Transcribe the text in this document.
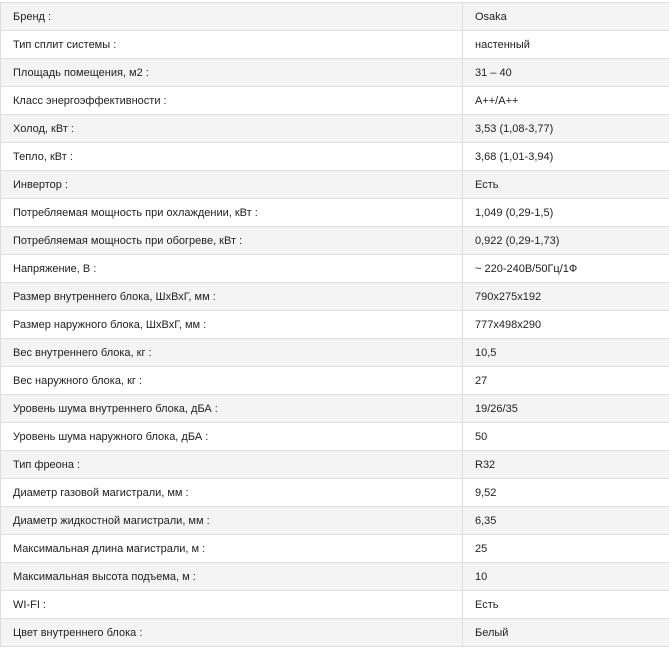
Бренд :	Osaka
Тип сплит системы :	настенный
Площадь помещения, м2 :	31 – 40
Класс энергоэффективности :	A++/A++
Холод, кВт :	3,53 (1,08-3,77)
Тепло, кВт :	3,68 (1,01-3,94)
Инвертор :	Есть
Потребляемая мощность при охлаждении, кВт :	1,049 (0,29-1,5)
Потребляемая мощность при обогреве, кВт :	0,922 (0,29-1,73)
Напряжение, В :	~ 220-240В/50Гц/1Ф
Размер внутреннего блока, ШхВхГ, мм :	790x275x192
Размер наружного блока, ШхВхГ, мм :	777x498x290
Вес внутреннего блока, кг :	10,5
Вес наружного блока, кг :	27
Уровень шума внутреннего блока, дБА :	19/26/35
Уровень шума наружного блока, дБА :	50
Тип фреона :	R32
Диаметр газовой магистрали, мм :	9,52
Диаметр жидкостной магистрали, мм :	6,35
Максимальная длина магистрали, м :	25
Максимальная высота подъема, м :	10
WI-FI :	Есть
Цвет внутреннего блока :	Белый
